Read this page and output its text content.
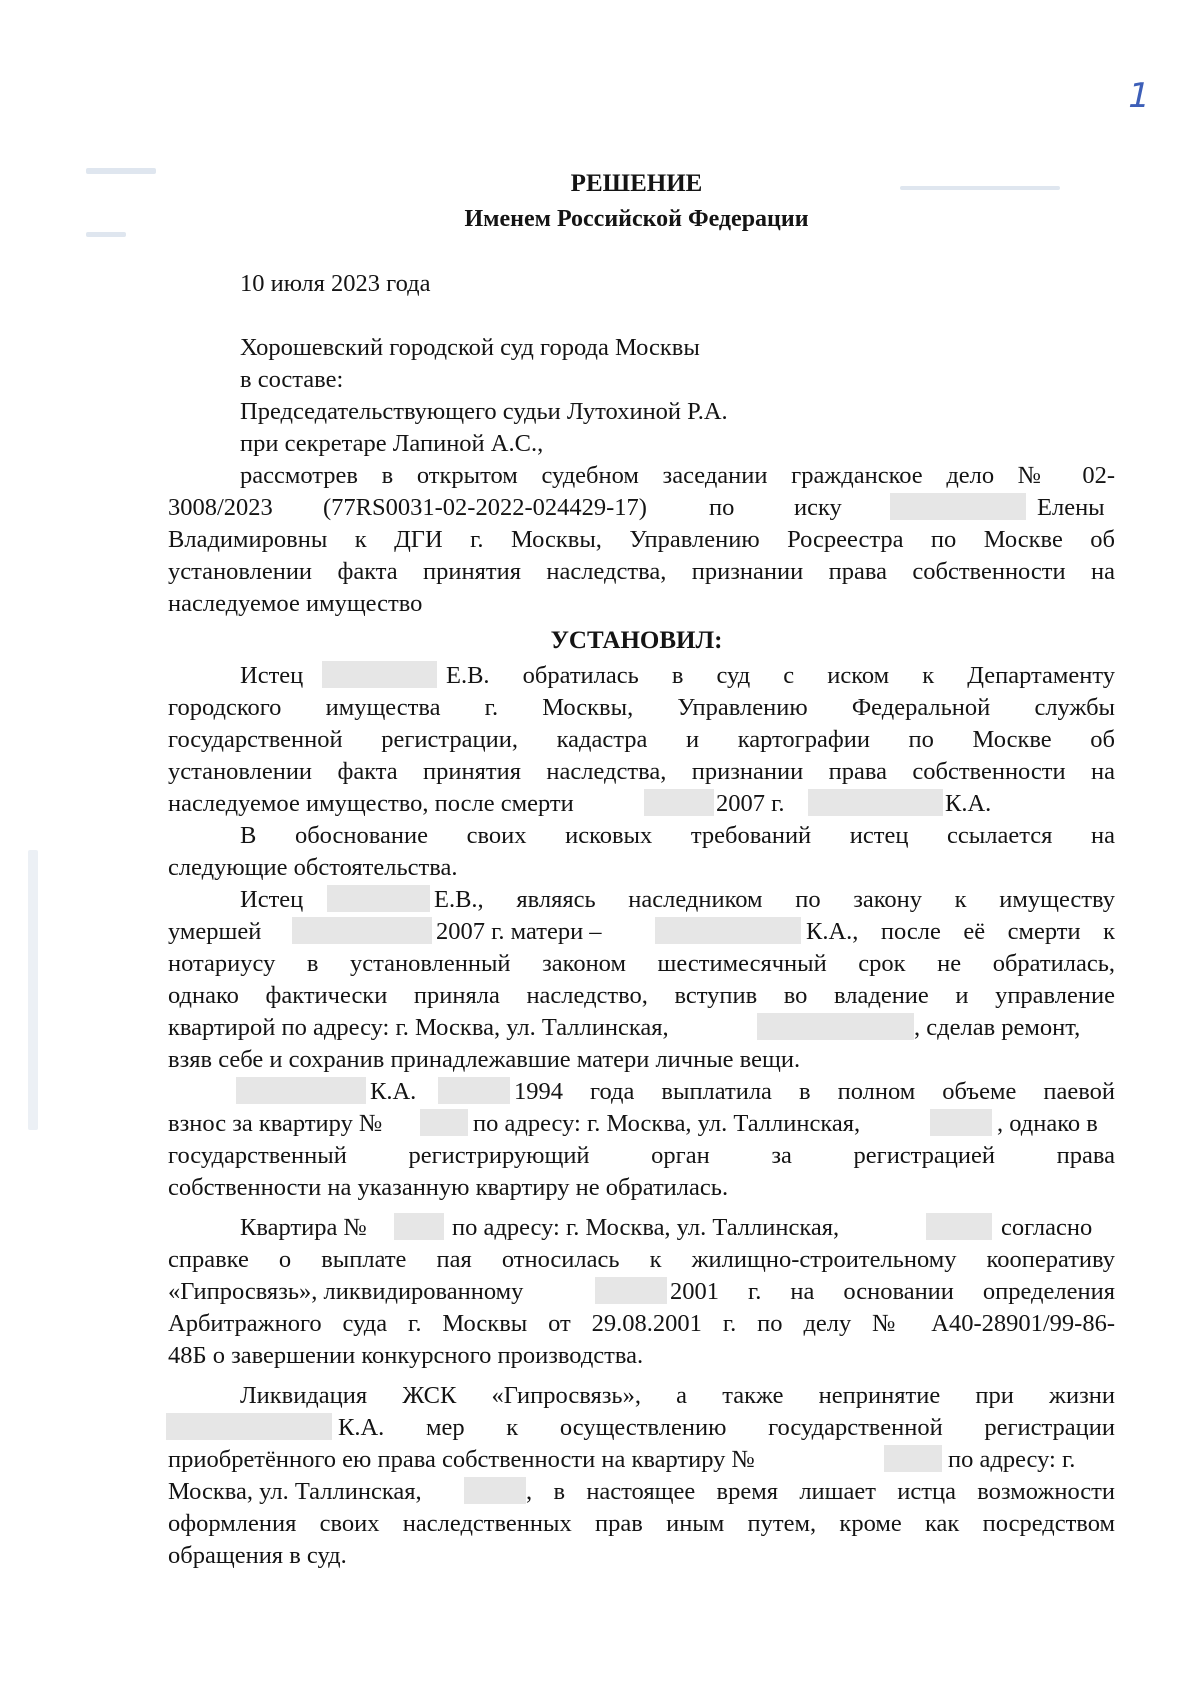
1
РЕШЕНИЕ
Именем Российской Федерации
10 июля 2023 года
Хорошевский городской суд города Москвы
в составе:
Председательствующего судьи Лутохиной Р.А.
при секретаре Лапиной А.С.,
рассмотрев в открытом судебном заседании гражданское дело № 02-
3008/2023 (77RS0031-02-2022-024429-17)	по иску	Елены
Владимировны к ДГИ г. Москвы, Управлению Росреестра по Москве об
установлении факта принятия наследства, признании права собственности на
наследуемое имущество
УСТАНОВИЛ:
Истец	Е.В. обратилась в суд с иском к Департаменту
городского имущества г. Москвы, Управлению Федеральной службы
государственной регистрации, кадастра и картографии по Москве об
установлении факта принятия наследства, признании права собственности на
наследуемое имущество, после смерти	2007 г.	К.А.
В обоснование своих исковых требований истец ссылается на
следующие обстоятельства.
Истец	Е.В., являясь наследником по закону к имуществу
умершей	2007 г. матери –	К.А., после её смерти к
нотариусу в установленный законом шестимесячный срок не обратилась,
однако фактически приняла наследство, вступив во владение и управление
квартирой по адресу: г. Москва, ул. Таллинская,	, сделав ремонт,
взяв себе и сохранив принадлежавшие матери личные вещи.
К.А.	1994 года выплатила в полном объеме паевой
взнос за квартиру №	по адресу: г. Москва, ул. Таллинская,	, однако в
государственный регистрирующий орган за регистрацией права
собственности на указанную квартиру не обратилась.
Квартира №	по адресу: г. Москва, ул. Таллинская,	согласно
справке о выплате пая относилась к жилищно-строительному кооперативу
«Гипросвязь», ликвидированному	2001 г. на основании определения
Арбитражного суда г. Москвы от 29.08.2001 г. по делу № А40-28901/99-86-
48Б о завершении конкурсного производства.
Ликвидация ЖСК «Гипросвязь», а также непринятие при жизни
К.А. мер к осуществлению государственной регистрации
приобретённого ею права собственности на квартиру №	по адресу: г.
Москва, ул. Таллинская,	, в настоящее время лишает истца возможности
оформления своих наследственных прав иным путем, кроме как посредством
обращения в суд.
